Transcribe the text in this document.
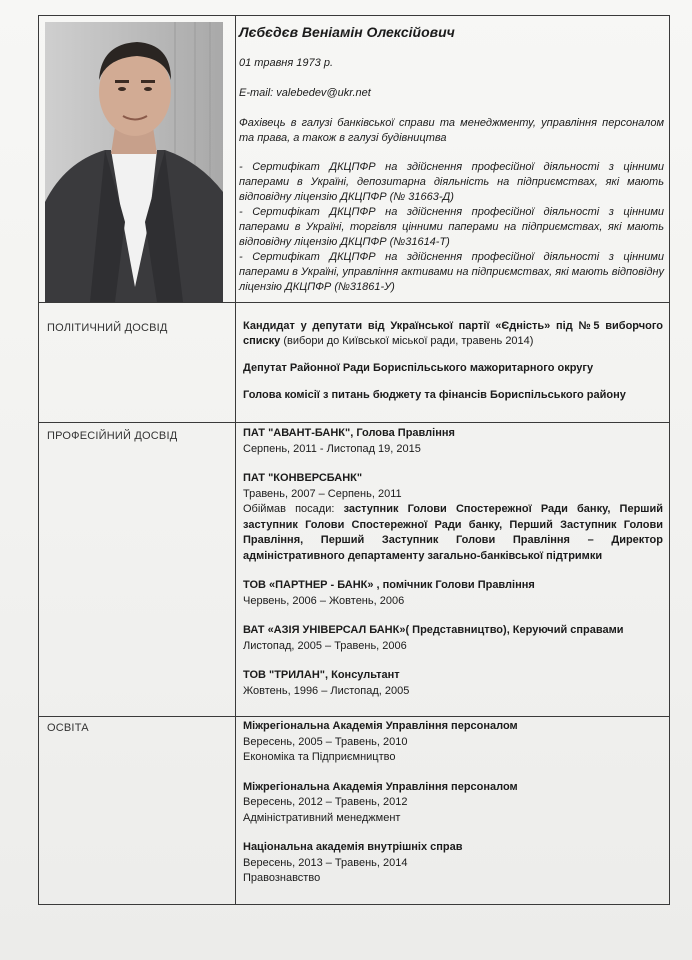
Лєбєдєв Веніамін Олексійович
01 травня 1973 р.
E-mail: valebedev@ukr.net
Фахівець в галузі банківської справи та менеджменту, управління персоналом та права, а також в галузі будівництва
- Сертифікат ДКЦПФР на здійснення професійної діяльності з цінними паперами в Україні, депозитарна діяльність на підприємствах, які мають відповідну ліцензію ДКЦПФР (№ 31663-Д)
- Сертифікат ДКЦПФР на здійснення професійної діяльності з цінними паперами в Україні, торгівля цінними паперами на підприємствах, які мають відповідну ліцензію ДКЦПФР (№31614-Т)
- Сертифікат ДКЦПФР на здійснення професійної діяльності з цінними паперами в Україні, управління активами на підприємствах, які мають відповідну ліцензію ДКЦПФР (№31861-У)
ПОЛІТИЧНИЙ ДОСВІД	Кандидат у депутати від Української партії «Єдність» під №5 виборчого списку (вибори до Київської міської ради, травень 2014)
Депутат Районної Ради Бориспільського мажоритарного округу
Голова комісії з питань бюджету та фінансів Бориспільського району
ПРОФЕСІЙНИЙ ДОСВІД	ПАТ "АВАНТ-БАНК", Голова Правління
Серпень, 2011 - Листопад 19, 2015
ПАТ "КОНВЕРСБАНК"
Травень, 2007 – Серпень, 2011
Обіймав посади: заступник Голови Спостережної Ради банку, Перший заступник Голови Спостережної Ради банку, Перший Заступник Голови Правління, Перший Заступник Голови Правління – Директор адміністративного департаменту загально-банківської підтримки
ТОВ «ПАРТНЕР - БАНК» , помічник Голови Правління
Червень, 2006 – Жовтень, 2006
ВАТ «АЗІЯ УНІВЕРСАЛ БАНК»( Представництво), Керуючий справами
Листопад, 2005 – Травень, 2006
ТОВ "ТРИЛАН", Консультант
Жовтень, 1996 – Листопад, 2005
ОСВІТА	Міжрегіональна Академія Управління персоналом
Вересень, 2005 – Травень, 2010
Економіка та Підприємництво
Міжрегіональна Академія Управління персоналом
Вересень, 2012 – Травень, 2012
Адміністративний менеджмент
Національна академія внутрішніх справ
Вересень, 2013 – Травень, 2014
Правознавство
